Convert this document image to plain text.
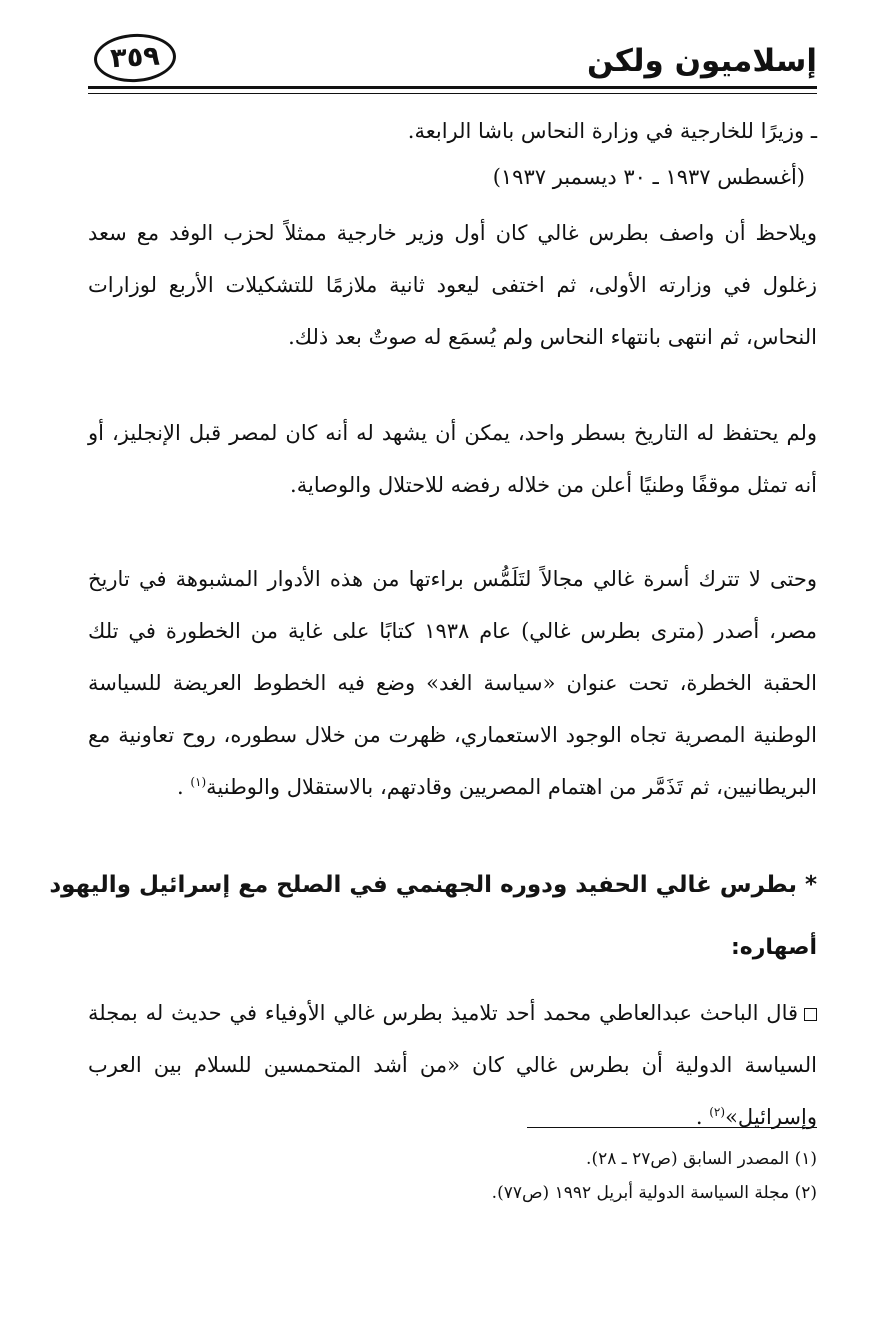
إسلاميون ولكن
٣٥٩
ـ وزيرًا للخارجية في وزارة النحاس باشا الرابعة.
(أغسطس ١٩٣٧ ـ ٣٠ ديسمبر ١٩٣٧)
ويلاحظ أن واصف بطرس غالي كان أول وزير خارجية ممثلاً لحزب الوفد مع سعد زغلول في وزارته الأولى، ثم اختفى ليعود ثانية ملازمًا للتشكيلات الأربع لوزارات النحاس، ثم انتهى بانتهاء النحاس ولم يُسمَع له صوتٌ بعد ذلك.
ولم يحتفظ له التاريخ بسطر واحد، يمكن أن يشهد له أنه كان لمصر قبل الإنجليز، أو أنه تمثل موقفًا وطنيًا أعلن من خلاله رفضه للاحتلال والوصاية.
وحتى لا تترك أسرة غالي مجالاً لتَلَمُّس براءتها من هذه الأدوار المشبوهة في تاريخ مصر، أصدر (مترى بطرس غالي) عام ١٩٣٨ كتابًا على غاية من الخطورة في تلك الحقبة الخطرة، تحت عنوان «سياسة الغد» وضع فيه الخطوط العريضة للسياسة الوطنية المصرية تجاه الوجود الاستعماري، ظهرت من خلال سطوره، روح تعاونية مع البريطانيين، ثم تَذَمَّر من اهتمام المصريين وقادتهم، بالاستقلال والوطنية$^{(١)}$ .
*بطرس غالي الحفيد ودوره الجهنمي في الصلح مع إسرائيل واليهود
أصهاره:
قال الباحث عبدالعاطي محمد أحد تلاميذ بطرس غالي الأوفياء في حديث له بمجلة السياسة الدولية أن بطرس غالي كان «من أشد المتحمسين للسلام بين العرب وإسرائيل»$^{(٢)}$ .
(١) المصدر السابق (ص٢٧ ـ ٢٨).
(٢) مجلة السياسة الدولية أبريل ١٩٩٢ (ص٧٧).
